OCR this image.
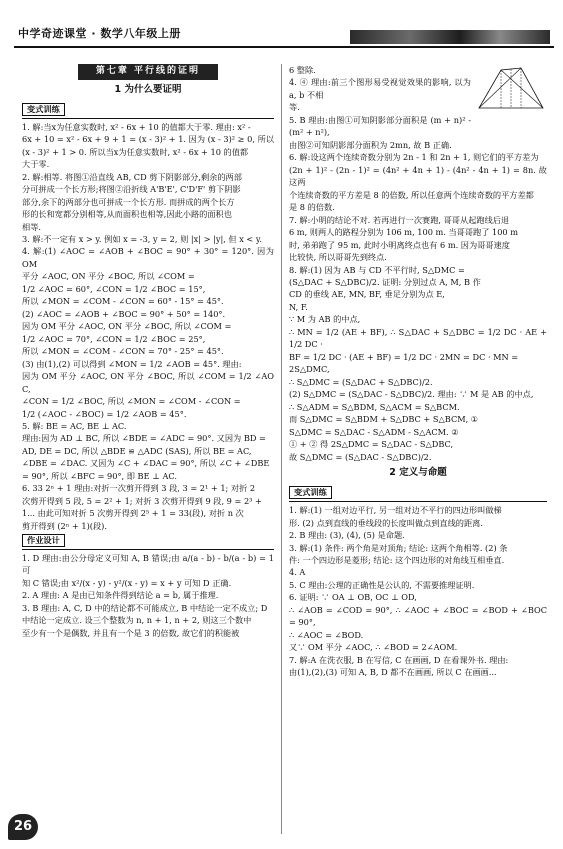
中学奇迹课堂 · 数学八年级上册
第七章 平行线的证明
1 为什么要证明
变式训练

1. 解:当x为任意实数时, x² - 6x + 10 的值都大于零. 理由: x² -

6x + 10 = x² - 6x + 9 + 1 = (x - 3)² + 1. 因为 (x - 3)² ≥ 0, 所以

(x - 3)² + 1 > 0. 所以当x为任意实数时, x² - 6x + 10 的值都

大于零.

2. 解:相等. 将图①沿直线 AB, CD 剪下阴影部分,剩余的两部

分可拼成一个长方形;将图②沿折线 A'B'E', C'D'F' 剪下阴影

部分,余下的两部分也可拼成一个长方形. 而拼成的两个长方

形的长和宽都分别相等,从而面积也相等,因此小路的面积也

相等.

3. 解:不一定有 x > y. 例如 x = -3, y = 2, 则 |x| > |y|, 但 x < y.

4. 解:(1) ∠AOC = ∠AOB + ∠BOC = 90° + 30° = 120°. 因为 OM

平分 ∠AOC, ON 平分 ∠BOC, 所以 ∠COM =

1/2 ∠AOC = 60°, ∠CON = 1/2 ∠BOC = 15°,

所以 ∠MON = ∠COM - ∠CON = 60° - 15° = 45°.

(2) ∠AOC = ∠AOB + ∠BOC = 90° + 50° = 140°.

因为 OM 平分 ∠AOC, ON 平分 ∠BOC, 所以 ∠COM =

1/2 ∠AOC = 70°, ∠CON = 1/2 ∠BOC = 25°,

所以 ∠MON = ∠COM - ∠CON = 70° - 25° = 45°.

(3) 由(1),(2) 可以得到 ∠MON = 1/2 ∠AOB = 45°. 理由:

因为 OM 平分 ∠AOC, ON 平分 ∠BOC, 所以 ∠COM = 1/2 ∠AOC,

∠CON = 1/2 ∠BOC, 所以 ∠MON = ∠COM - ∠CON =

1/2 (∠AOC - ∠BOC) = 1/2 ∠AOB = 45°.

5. 解: BE = AC, BE ⊥ AC.

理由:因为 AD ⊥ BC, 所以 ∠BDE = ∠ADC = 90°. 又因为 BD =

AD, DE = DC, 所以 △BDE ≌ △ADC (SAS), 所以 BE = AC,

∠DBE = ∠DAC. 又因为 ∠C + ∠DAC = 90°, 所以 ∠C + ∠DBE

= 90°, 所以 ∠BFC = 90°, 即 BE ⊥ AC.

6. 33 2ⁿ + 1 理由:对折一次剪开得到 3 段, 3 = 2¹ + 1; 对折 2

次剪开得到 5 段, 5 = 2² + 1; 对折 3 次剪开得到 9 段, 9 = 2³ +

1... 由此可知对折 5 次剪开得到 2⁵ + 1 = 33(段), 对折 n 次

剪开得到 (2ⁿ + 1)(段).

作业设计

1. D 理由:由公分母定义可知 A, B 错误;由 a/(a - b) - b/(a - b) = 1 可

知 C 错误;由 x²/(x - y) - y²/(x - y) = x + y 可知 D 正确.

2. A 理由: A 是由已知条件得到结论 a = b, 属于推理.

3. B 理由: A, C, D 中的结论都不可能成立, B 中结论一定不成立; D

中结论一定成立. 设三个整数为 n, n + 1, n + 2, 则这三个数中

至少有一个是偶数, 并且有一个是 3 的倍数, 故它们的积能被

6 整除.

4. ④ 理由:前三个图形易受视觉效果的影响, 以为 a, b 不相

等.

5. B 理由:由图①可知阴影部分面积是 (m + n)² - (m² + n²),

由图②可知阴影部分面积为 2mn, 故 B 正确.

6. 解:设这两个连续奇数分别为 2n - 1 和 2n + 1, 则它们的平方差为

(2n + 1)² - (2n - 1)² = (4n² + 4n + 1) - (4n² - 4n + 1) = 8n. 故这两

个连续奇数的平方差是 8 的倍数, 所以任意两个连续奇数的平方差都

是 8 的倍数.

7. 解:小明的结论不对. 若再进行一次赛跑, 哥哥从起跑线后退

6 m, 则两人的路程分别为 106 m, 100 m. 当哥哥跑了 100 m

时, 弟弟跑了 95 m, 此时小明离终点也有 6 m. 因为哥哥速度

比较快, 所以哥哥先到终点.

8. 解:(1) 因为 AB 与 CD 不平行时, S△DMC =

(S△DAC + S△DBC)/2. 证明: 分别过点 A, M, B 作

CD 的垂线 AE, MN, BF, 垂足分别为点 E,

N, F.

∵ M 为 AB 的中点,

∴ MN = 1/2 (AE + BF), ∴ S△DAC + S△DBC = 1/2 DC · AE + 1/2 DC ·

BF = 1/2 DC · (AE + BF) = 1/2 DC · 2MN = DC · MN =

2S△DMC,

∴ S△DMC = (S△DAC + S△DBC)/2.

(2) S△DMC = (S△DAC - S△DBC)/2. 理由: ∵ M 是 AB 的中点,

∴ S△ADM = S△BDM, S△ACM = S△BCM.

而 S△DMC = S△BDM + S△DBC + S△BCM, ①

S△DMC = S△DAC - S△ADM - S△ACM. ②

① + ② 得 2S△DMC = S△DAC - S△DBC,

故 S△DMC = (S△DAC - S△DBC)/2.

2 定义与命题
变式训练

1. 解:(1) 一组对边平行, 另一组对边不平行的四边形叫做梯

形. (2) 点到直线的垂线段的长度叫做点到直线的距离.

2. B 理由: (3), (4), (5) 是命题.

3. 解:(1) 条件: 两个角是对顶角; 结论: 这两个角相等. (2) 条

件: 一个四边形是菱形; 结论: 这个四边形的对角线互相垂直.

4. A

5. C 理由:公理的正确性是公认的, 不需要推理证明.

6. 证明: ∵ OA ⊥ OB, OC ⊥ OD,

∴ ∠AOB = ∠COD = 90°, ∴ ∠AOC + ∠BOC = ∠BOD + ∠BOC = 90°,

∴ ∠AOC = ∠BOD.

又∵ OM 平分 ∠AOC, ∴ ∠BOD = 2∠AOM.

7. 解:A 在洗衣服, B 在写信, C 在画画, D 在看课外书. 理由:

由(1),(2),(3) 可知 A, B, D 都不在画画, 所以 C 在画画...

26
